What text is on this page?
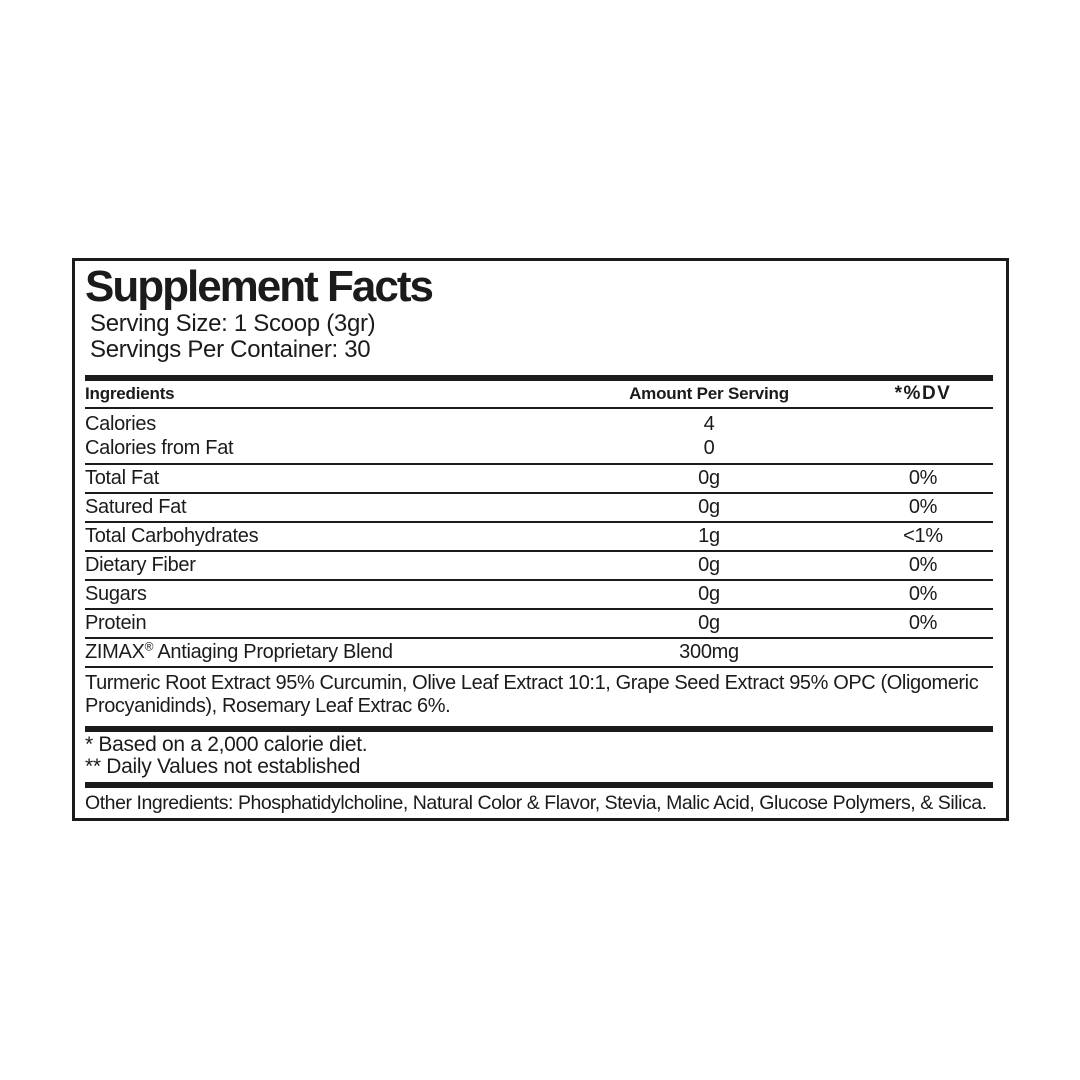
Supplement Facts
Serving Size: 1 Scoop (3gr)
Servings Per Container: 30
Ingredients	Amount Per Serving	*%DV
Calories	4
Calories from Fat	0
Total Fat	0g	0%
Satured Fat	0g	0%
Total Carbohydrates	1g	<1%
Dietary Fiber	0g	0%
Sugars	0g	0%
Protein	0g	0%
ZIMAX® Antiaging Proprietary Blend	300mg
Turmeric Root Extract 95% Curcumin, Olive Leaf Extract 10:1, Grape Seed Extract 95% OPC (Oligomeric Procyanidinds), Rosemary Leaf Extrac 6%.
* Based on a 2,000 calorie diet.
** Daily Values not established
Other Ingredients: Phosphatidylcholine, Natural Color & Flavor, Stevia, Malic Acid, Glucose Polymers, & Silica.
